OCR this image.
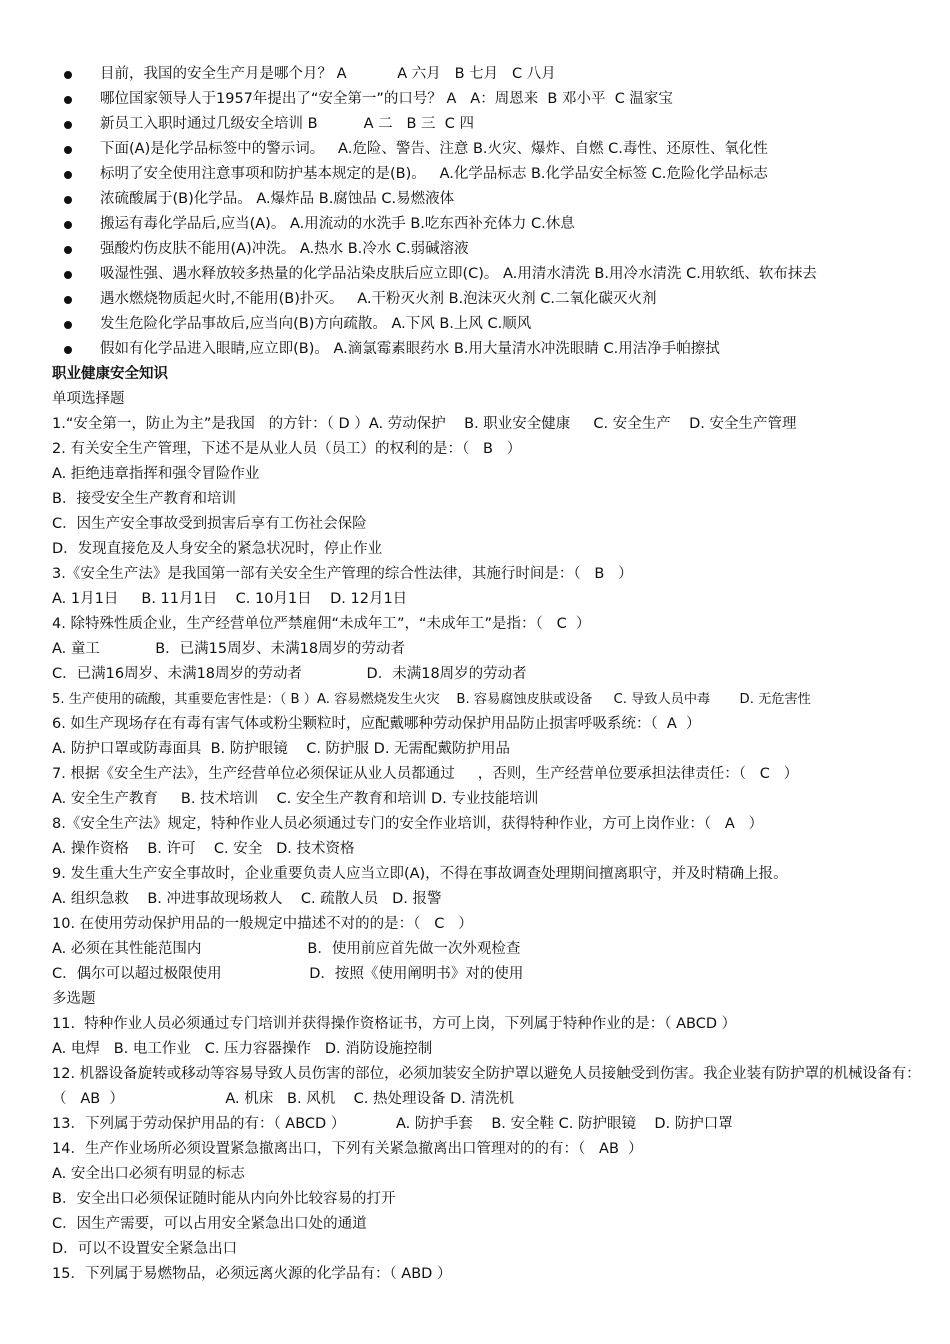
目前，我国的安全生产月是哪个月？ A           A 六月   B 七月   C 八月
哪位国家领导人于1957年提出了“安全第一”的口号？ A   A：周恩来  B 邓小平  C 温家宝
新员工入职时通过几级安全培训 B          A 二   B 三  C 四
下面(A)是化学品标签中的警示词。   A.危险、警告、注意 B.火灾、爆炸、自燃 C.毒性、还原性、氧化性
标明了安全使用注意事项和防护基本规定的是(B)。   A.化学品标志 B.化学品安全标签 C.危险化学品标志
浓硫酸属于(B)化学品。 A.爆炸品 B.腐蚀品 C.易燃液体
搬运有毒化学品后,应当(A)。 A.用流动的水洗手 B.吃东西补充体力 C.休息
强酸灼伤皮肤不能用(A)冲洗。 A.热水 B.冷水 C.弱碱溶液
吸湿性强、遇水释放较多热量的化学品沾染皮肤后应立即(C)。 A.用清水清洗 B.用冷水清洗 C.用软纸、软布抹去
遇水燃烧物质起火时,不能用(B)扑灭。   A.干粉灭火剂 B.泡沫灭火剂 C.二氧化碳灭火剂
发生危险化学品事故后,应当向(B)方向疏散。 A.下风 B.上风 C.顺风
假如有化学品进入眼睛,应立即(B)。 A.滴氯霉素眼药水 B.用大量清水冲洗眼睛 C.用洁净手帕擦拭
职业健康安全知识
单项选择题
1.“安全第一，防止为主”是我国   的方针：（ D ）A. 劳动保护    B. 职业安全健康     C. 安全生产    D. 安全生产管理
2. 有关安全生产管理，下述不是从业人员（员工）的权利的是：（   B   ）
A. 拒绝违章指挥和强令冒险作业
B．接受安全生产教育和培训
C．因生产安全事故受到损害后享有工伤社会保险
D．发现直接危及人身安全的紧急状况时，停止作业
3.《安全生产法》是我国第一部有关安全生产管理的综合性法律，其施行时间是：（   B   ）
A. 1月1日     B. 11月1日    C. 10月1日    D. 12月1日
4. 除特殊性质企业，生产经营单位严禁雇佣“未成年工”，“未成年工”是指：（   C  ）
A. 童工            B．已满15周岁、未满18周岁的劳动者
C．已满16周岁、未满18周岁的劳动者              D．未满18周岁的劳动者
5. 生产使用的硫酸，其重要危害性是：（ B ）A. 容易燃烧发生火灾    B. 容易腐蚀皮肤或设备     C. 导致人员中毒       D. 无危害性
6. 如生产现场存在有毒有害气体或粉尘颗粒时，应配戴哪种劳动保护用品防止损害呼吸系统：（  A  ）
A. 防护口罩或防毒面具  B. 防护眼镜    C. 防护服 D. 无需配戴防护用品
7. 根据《安全生产法》，生产经营单位必须保证从业人员都通过     ，否则，生产经营单位要承担法律责任：（   C   ）
A. 安全生产教育     B. 技术培训    C. 安全生产教育和培训 D. 专业技能培训
8.《安全生产法》规定，特种作业人员必须通过专门的安全作业培训，获得特种作业，方可上岗作业：（   A   ）
A. 操作资格    B. 许可    C. 安全   D. 技术资格
9. 发生重大生产安全事故时，企业重要负责人应当立即(A)，不得在事故调查处理期间擅离职守，并及时精确上报。
A. 组织急救    B. 冲进事故现场救人    C. 疏散人员   D. 报警
10. 在使用劳动保护用品的一般规定中描述不对的的是：（   C   ）
A. 必须在其性能范围内                       B．使用前应首先做一次外观检查
C．偶尔可以超过极限使用                   D．按照《使用阐明书》对的使用
多选题
11.  特种作业人员必须通过专门培训并获得操作资格证书，方可上岗，下列属于特种作业的是：（ ABCD ）
A. 电焊   B. 电工作业   C. 压力容器操作   D. 消防设施控制
12. 机器设备旋转或移动等容易导致人员伤害的部位，必须加装安全防护罩以避免人员接触受到伤害。我企业装有防护罩的机械设备有：（   AB  ）                      A. 机床   B. 风机    C. 热处理设备 D. 清洗机
13．下列属于劳动保护用品的有：（ ABCD ）           A. 防护手套    B. 安全鞋 C. 防护眼镜    D. 防护口罩
14．生产作业场所必须设置紧急撤离出口，下列有关紧急撤离出口管理对的的有：（   AB  ）
A. 安全出口必须有明显的标志
B．安全出口必须保证随时能从内向外比较容易的打开
C．因生产需要，可以占用安全紧急出口处的通道
D．可以不设置安全紧急出口
15．下列属于易燃物品，必须远离火源的化学品有：（ ABD ）
